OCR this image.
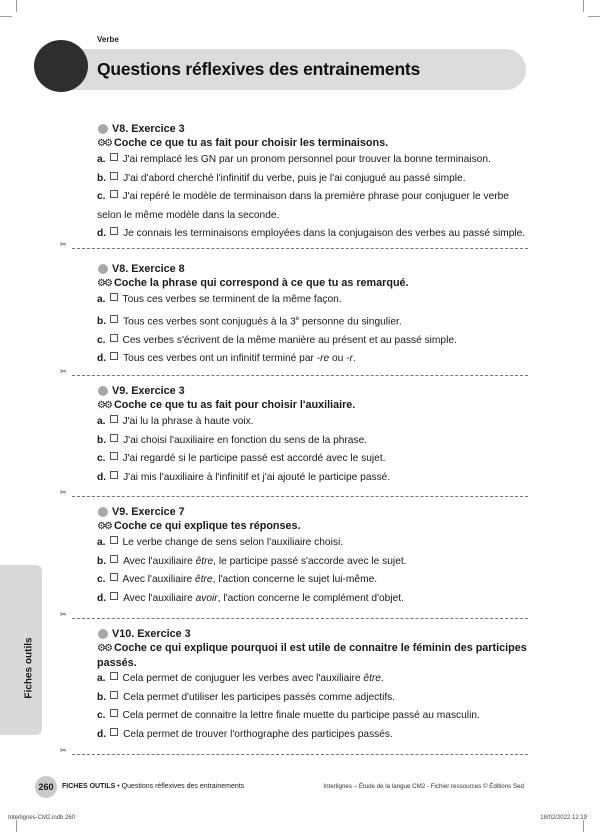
Verbe
Questions réflexives des entrainements
V8. Exercice 3
⚙⚙ Coche ce que tu as fait pour choisir les terminaisons.
a. J'ai remplacé les GN par un pronom personnel pour trouver la bonne terminaison.
b. J'ai d'abord cherché l'infinitif du verbe, puis je l'ai conjugué au passé simple.
c. J'ai repéré le modèle de terminaison dans la première phrase pour conjuguer le verbe
selon le même modèle dans la seconde.
d. Je connais les terminaisons employées dans la conjugaison des verbes au passé simple.
✂
V8. Exercice 8
⚙⚙ Coche la phrase qui correspond à ce que tu as remarqué.
a. Tous ces verbes se terminent de la même façon.
b. Tous ces verbes sont conjugués à la 3e personne du singulier.
c. Ces verbes s'écrivent de la même manière au présent et au passé simple.
d. Tous ces verbes ont un infinitif terminé par -re ou -r.
✂
V9. Exercice 3
⚙⚙ Coche ce que tu as fait pour choisir l'auxiliaire.
a. J'ai lu la phrase à haute voix.
b. J'ai choisi l'auxiliaire en fonction du sens de la phrase.
c. J'ai regardé si le participe passé est accordé avec le sujet.
d. J'ai mis l'auxiliaire à l'infinitif et j'ai ajouté le participe passé.
✂
V9. Exercice 7
⚙⚙ Coche ce qui explique tes réponses.
a. Le verbe change de sens selon l'auxiliaire choisi.
b. Avec l'auxiliaire être, le participe passé s'accorde avec le sujet.
c. Avec l'auxiliaire être, l'action concerne le sujet lui-même.
d. Avec l'auxiliaire avoir, l'action concerne le complément d'objet.
✂
V10. Exercice 3
⚙⚙ Coche ce qui explique pourquoi il est utile de connaitre le féminin des participes
passés.
a. Cela permet de conjuguer les verbes avec l'auxiliaire être.
b. Cela permet d'utiliser les participes passés comme adjectifs.
c. Cela permet de connaitre la lettre finale muette du participe passé au masculin.
d. Cela permet de trouver l'orthographe des participes passés.
✂
Fiches outils
260	FICHES OUTILS • Questions réflexives des entrainements	Interlignes – Étude de la langue CM2 - Fichier ressources © Éditions Sed
Interlignes-CM2.indb 260	18/02/2022 12:19
